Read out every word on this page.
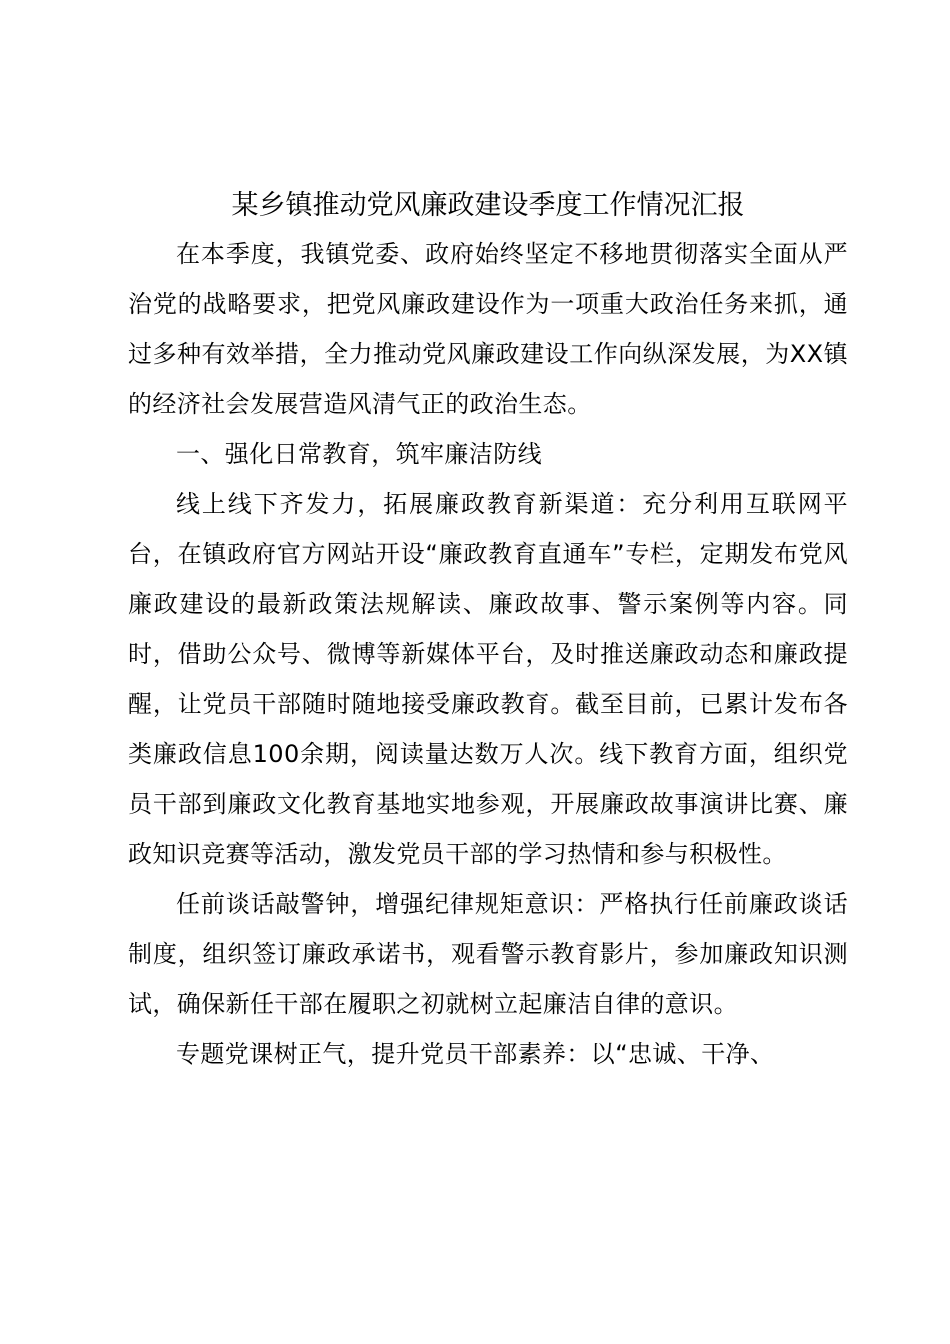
某乡镇推动党风廉政建设季度工作情况汇报

在本季度，我镇党委、政府始终坚定不移地贯彻落实全面从严治党的战略要求，把党风廉政建设作为一项重大政治任务来抓，通过多种有效举措，全力推动党风廉政建设工作向纵深发展，为XX镇的经济社会发展营造风清气正的政治生态。

一、强化日常教育，筑牢廉洁防线

线上线下齐发力，拓展廉政教育新渠道：充分利用互联网平台，在镇政府官方网站开设“廉政教育直通车”专栏，定期发布党风廉政建设的最新政策法规解读、廉政故事、警示案例等内容。同时，借助公众号、微博等新媒体平台，及时推送廉政动态和廉政提醒，让党员干部随时随地接受廉政教育。截至目前，已累计发布各类廉政信息100余期，阅读量达数万人次。线下教育方面，组织党员干部到廉政文化教育基地实地参观，开展廉政故事演讲比赛、廉政知识竞赛等活动，激发党员干部的学习热情和参与积极性。

任前谈话敲警钟，增强纪律规矩意识：严格执行任前廉政谈话制度，组织签订廉政承诺书，观看警示教育影片，参加廉政知识测试，确保新任干部在履职之初就树立起廉洁自律的意识。

专题党课树正气，提升党员干部素养：以“忠诚、干净、
